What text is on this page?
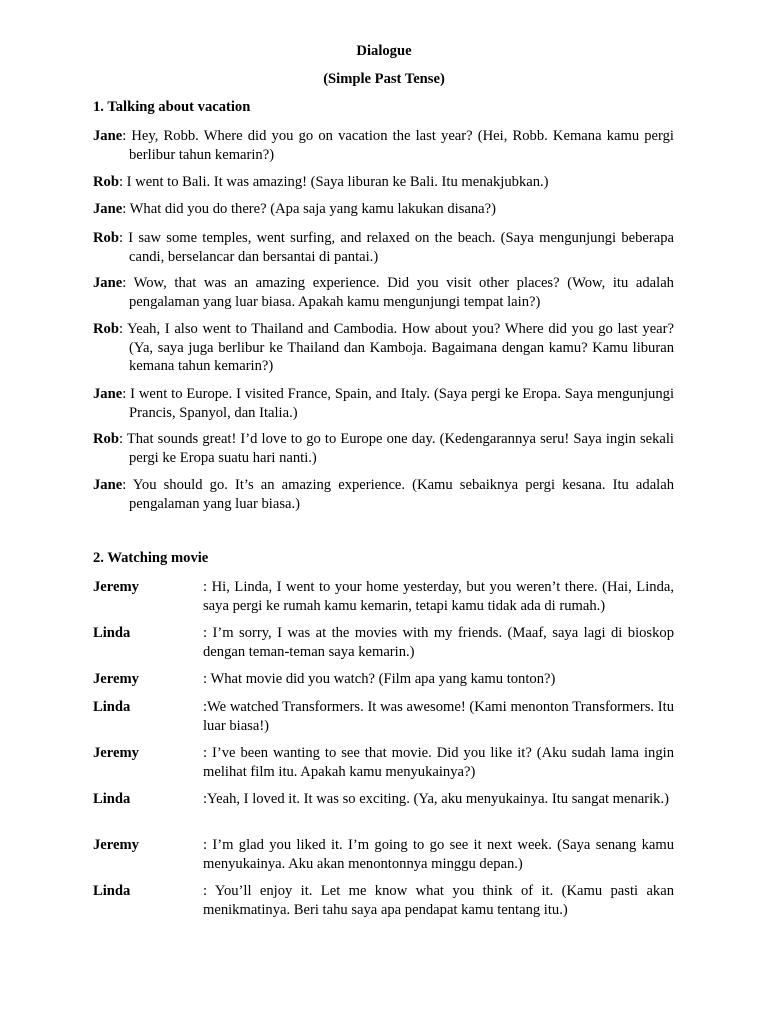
Dialogue
(Simple Past Tense)
1. Talking about vacation
Jane: Hey, Robb. Where did you go on vacation the last year? (Hei, Robb. Kemana kamu pergi berlibur tahun kemarin?)
Rob: I went to Bali. It was amazing! (Saya liburan ke Bali. Itu menakjubkan.)
Jane: What did you do there? (Apa saja yang kamu lakukan disana?)
Rob: I saw some temples, went surfing, and relaxed on the beach. (Saya mengunjungi beberapa candi, berselancar dan bersantai di pantai.)
Jane: Wow, that was an amazing experience. Did you visit other places? (Wow, itu adalah pengalaman yang luar biasa. Apakah kamu mengunjungi tempat lain?)
Rob: Yeah, I also went to Thailand and Cambodia. How about you? Where did you go last year? (Ya, saya juga berlibur ke Thailand dan Kamboja. Bagaimana dengan kamu? Kamu liburan kemana tahun kemarin?)
Jane: I went to Europe. I visited France, Spain, and Italy. (Saya pergi ke Eropa. Saya mengunjungi Prancis, Spanyol, dan Italia.)
Rob: That sounds great! I’d love to go to Europe one day. (Kedengarannya seru! Saya ingin sekali pergi ke Eropa suatu hari nanti.)
Jane: You should go. It’s an amazing experience. (Kamu sebaiknya pergi kesana. Itu adalah pengalaman yang luar biasa.)
2. Watching movie
Jeremy	: Hi, Linda, I went to your home yesterday, but you weren’t there. (Hai, Linda, saya pergi ke rumah kamu kemarin, tetapi kamu tidak ada di rumah.)
Linda	: I’m sorry, I was at the movies with my friends. (Maaf, saya lagi di bioskop dengan teman-teman saya kemarin.)
Jeremy	: What movie did you watch? (Film apa yang kamu tonton?)
Linda	:We watched Transformers. It was awesome! (Kami menonton Transformers. Itu luar biasa!)
Jeremy	: I’ve been wanting to see that movie. Did you like it? (Aku sudah lama ingin melihat film itu. Apakah kamu menyukainya?)
Linda	:Yeah, I loved it. It was so exciting. (Ya, aku menyukainya. Itu sangat menarik.)
Jeremy	: I’m glad you liked it. I’m going to go see it next week. (Saya senang kamu menyukainya. Aku akan menontonnya minggu depan.)
Linda	: You’ll enjoy it. Let me know what you think of it. (Kamu pasti akan menikmatinya. Beri tahu saya apa pendapat kamu tentang itu.)
